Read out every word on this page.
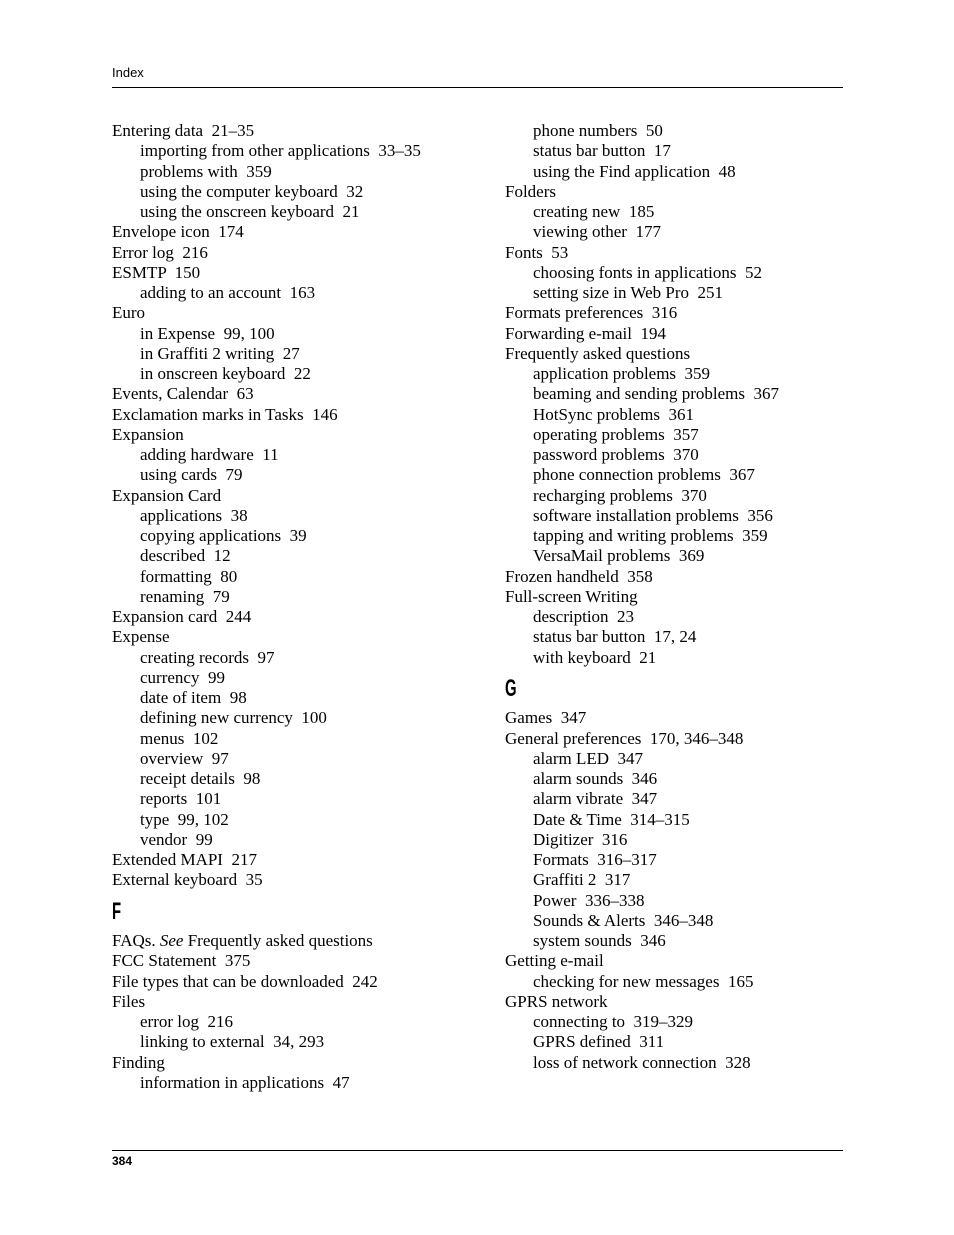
Index
Entering data  21–35
importing from other applications  33–35
problems with  359
using the computer keyboard  32
using the onscreen keyboard  21
Envelope icon  174
Error log  216
ESMTP  150
adding to an account  163
Euro
in Expense  99, 100
in Graffiti 2 writing  27
in onscreen keyboard  22
Events, Calendar  63
Exclamation marks in Tasks  146
Expansion
adding hardware  11
using cards  79
Expansion Card
applications  38
copying applications  39
described  12
formatting  80
renaming  79
Expansion card  244
Expense
creating records  97
currency  99
date of item  98
defining new currency  100
menus  102
overview  97
receipt details  98
reports  101
type  99, 102
vendor  99
Extended MAPI  217
External keyboard  35
F
FAQs. See Frequently asked questions
FCC Statement  375
File types that can be downloaded  242
Files
error log  216
linking to external  34, 293
Finding
information in applications  47
phone numbers  50
status bar button  17
using the Find application  48
Folders
creating new  185
viewing other  177
Fonts  53
choosing fonts in applications  52
setting size in Web Pro  251
Formats preferences  316
Forwarding e-mail  194
Frequently asked questions
application problems  359
beaming and sending problems  367
HotSync problems  361
operating problems  357
password problems  370
phone connection problems  367
recharging problems  370
software installation problems  356
tapping and writing problems  359
VersaMail problems  369
Frozen handheld  358
Full-screen Writing
description  23
status bar button  17, 24
with keyboard  21
G
Games  347
General preferences  170, 346–348
alarm LED  347
alarm sounds  346
alarm vibrate  347
Date & Time  314–315
Digitizer  316
Formats  316–317
Graffiti 2  317
Power  336–338
Sounds & Alerts  346–348
system sounds  346
Getting e-mail
checking for new messages  165
GPRS network
connecting to  319–329
GPRS defined  311
loss of network connection  328
384
